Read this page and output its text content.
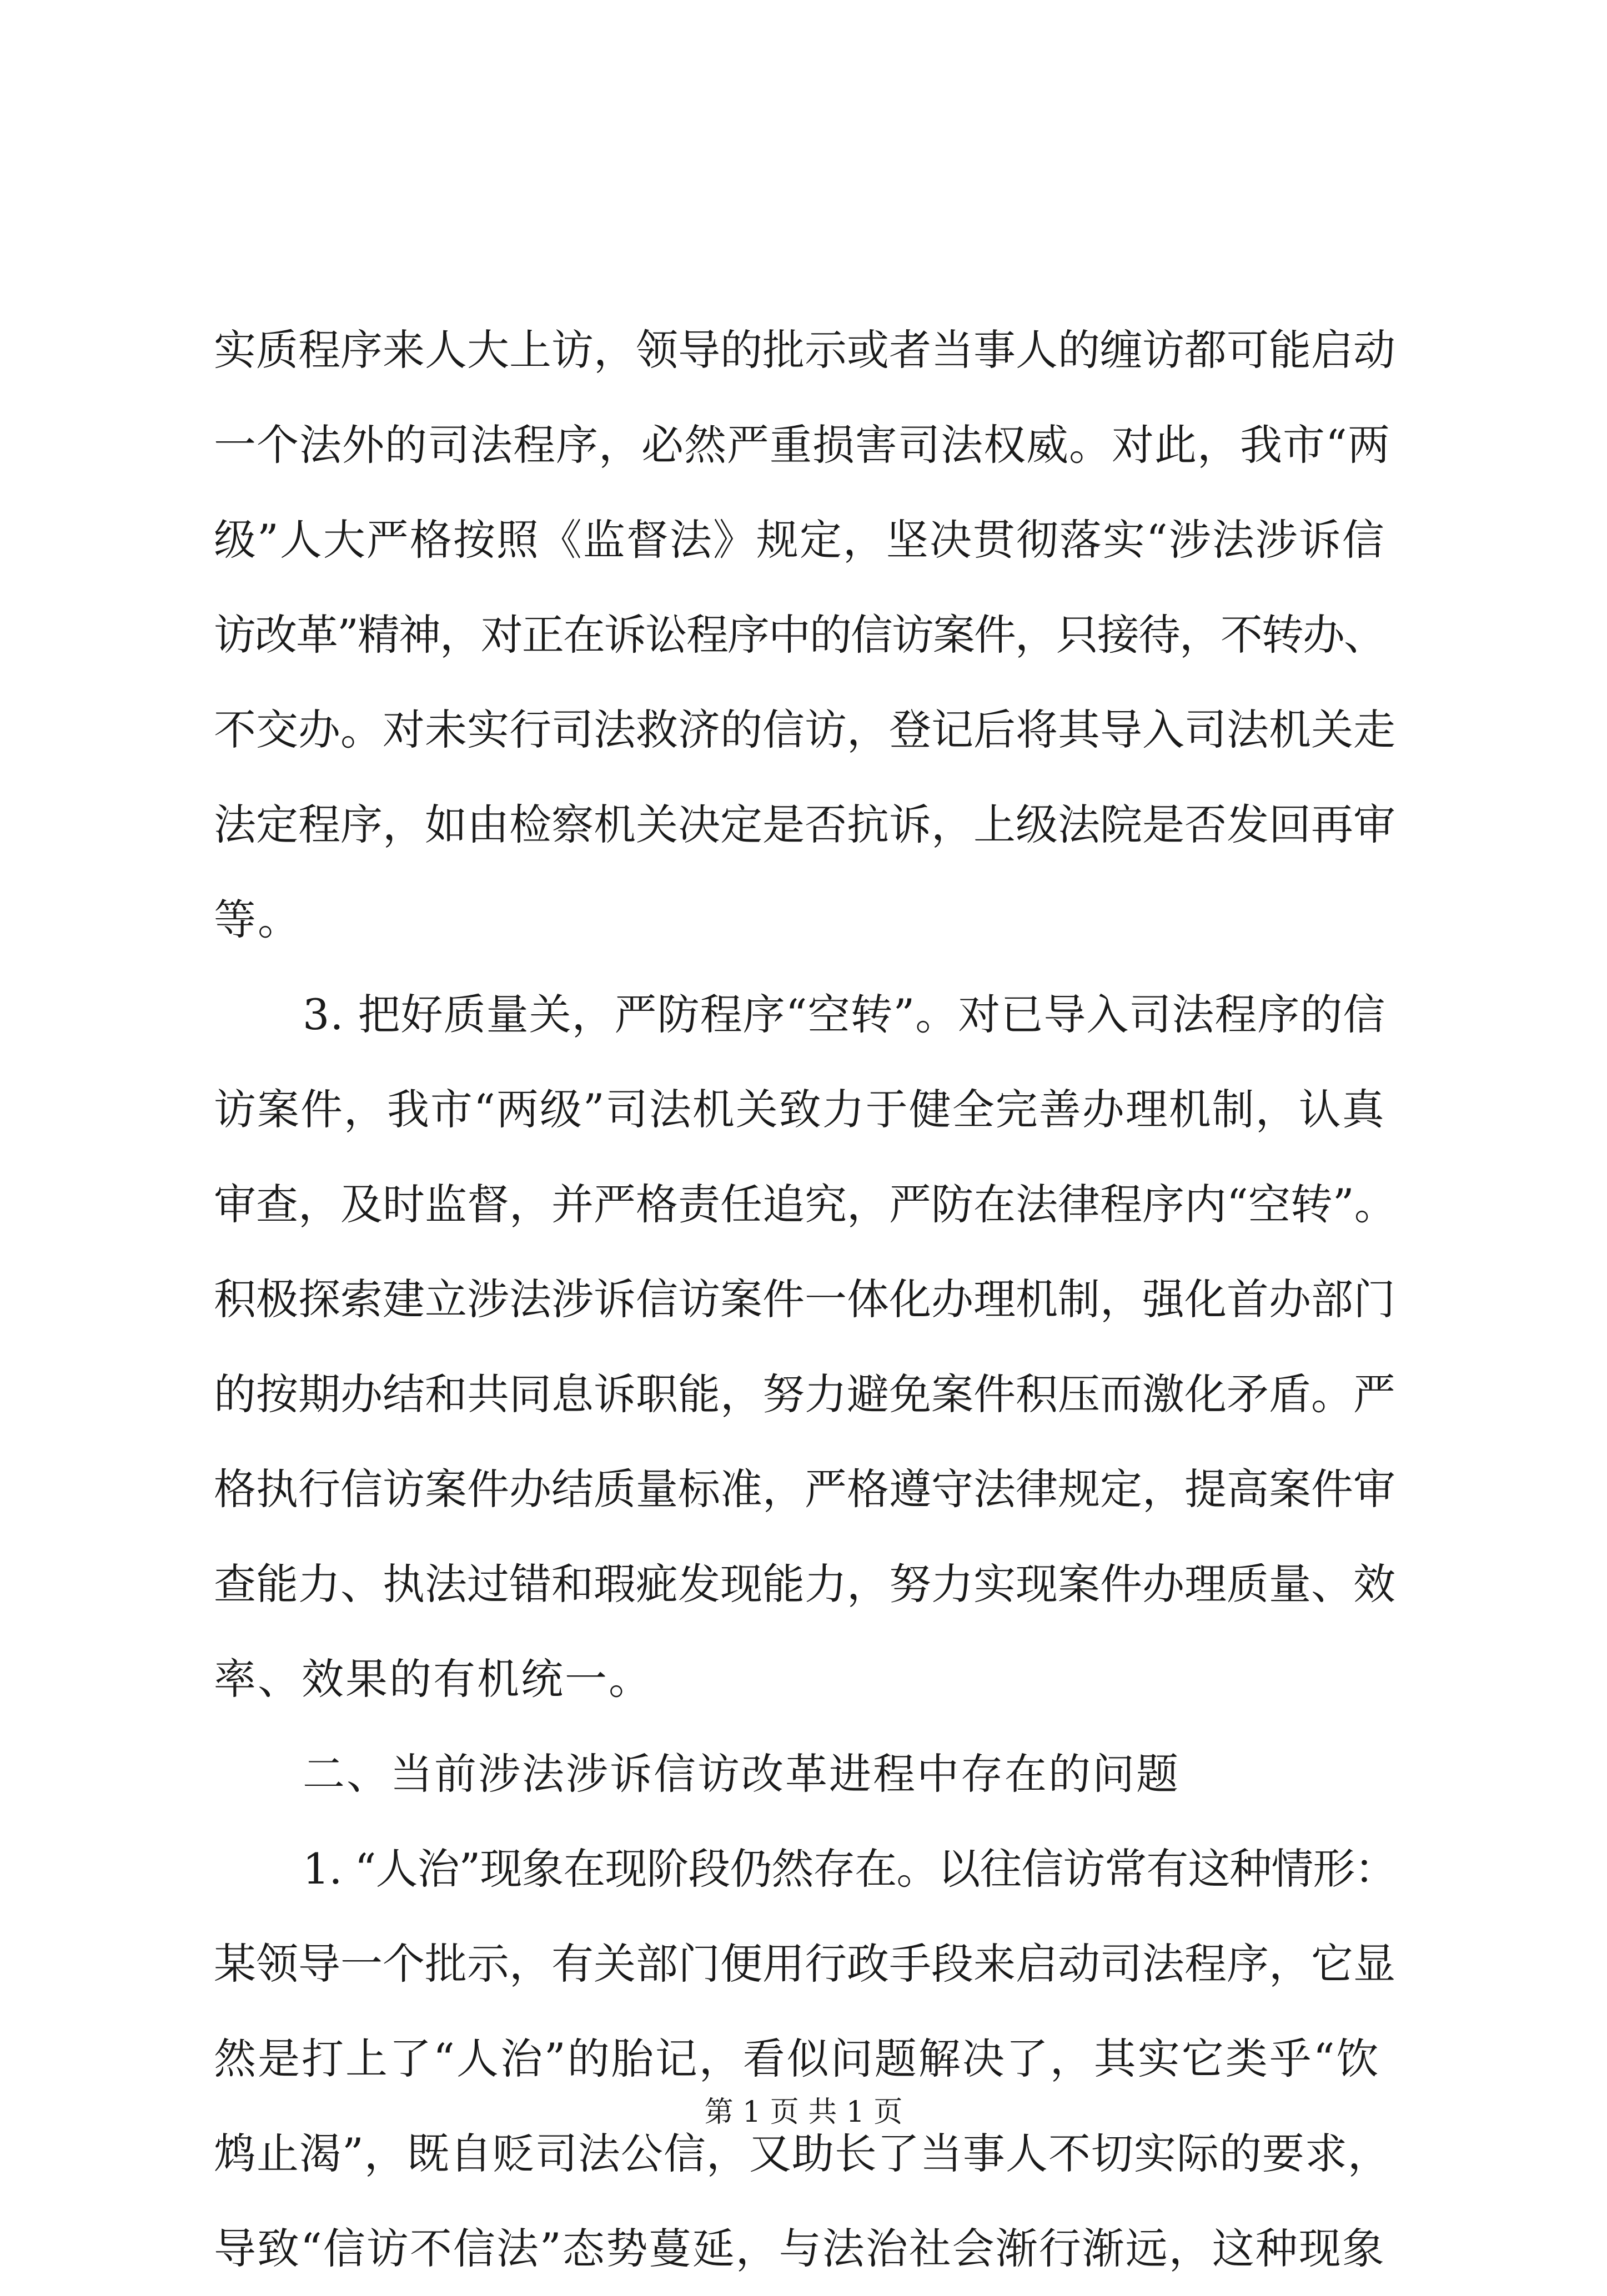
实质程序来人大上访，领导的批示或者当事人的缠访都可能启动
一个法外的司法程序，必然严重损害司法权威。对此，我市“两
级”人大严格按照《监督法》规定，坚决贯彻落实“涉法涉诉信
访改革”精神，对正在诉讼程序中的信访案件，只接待，不转办、
不交办。对未实行司法救济的信访，登记后将其导入司法机关走
法定程序，如由检察机关决定是否抗诉，上级法院是否发回再审
等。
3. 把好质量关，严防程序“空转”。对已导入司法程序的信
访案件，我市“两级”司法机关致力于健全完善办理机制，认真
审查，及时监督，并严格责任追究，严防在法律程序内“空转”。
积极探索建立涉法涉诉信访案件一体化办理机制，强化首办部门
的按期办结和共同息诉职能，努力避免案件积压而激化矛盾。严
格执行信访案件办结质量标准，严格遵守法律规定，提高案件审
查能力、执法过错和瑕疵发现能力，努力实现案件办理质量、效
率、效果的有机统一。
二、当前涉法涉诉信访改革进程中存在的问题
1. “人治”现象在现阶段仍然存在。以往信访常有这种情形：
某领导一个批示，有关部门便用行政手段来启动司法程序，它显
然是打上了“人治”的胎记，看似问题解决了，其实它类乎“饮
鸩止渴”，既自贬司法公信，又助长了当事人不切实际的要求，
导致“信访不信法”态势蔓延，与法治社会渐行渐远，这种现象
第 1 页 共 1 页
